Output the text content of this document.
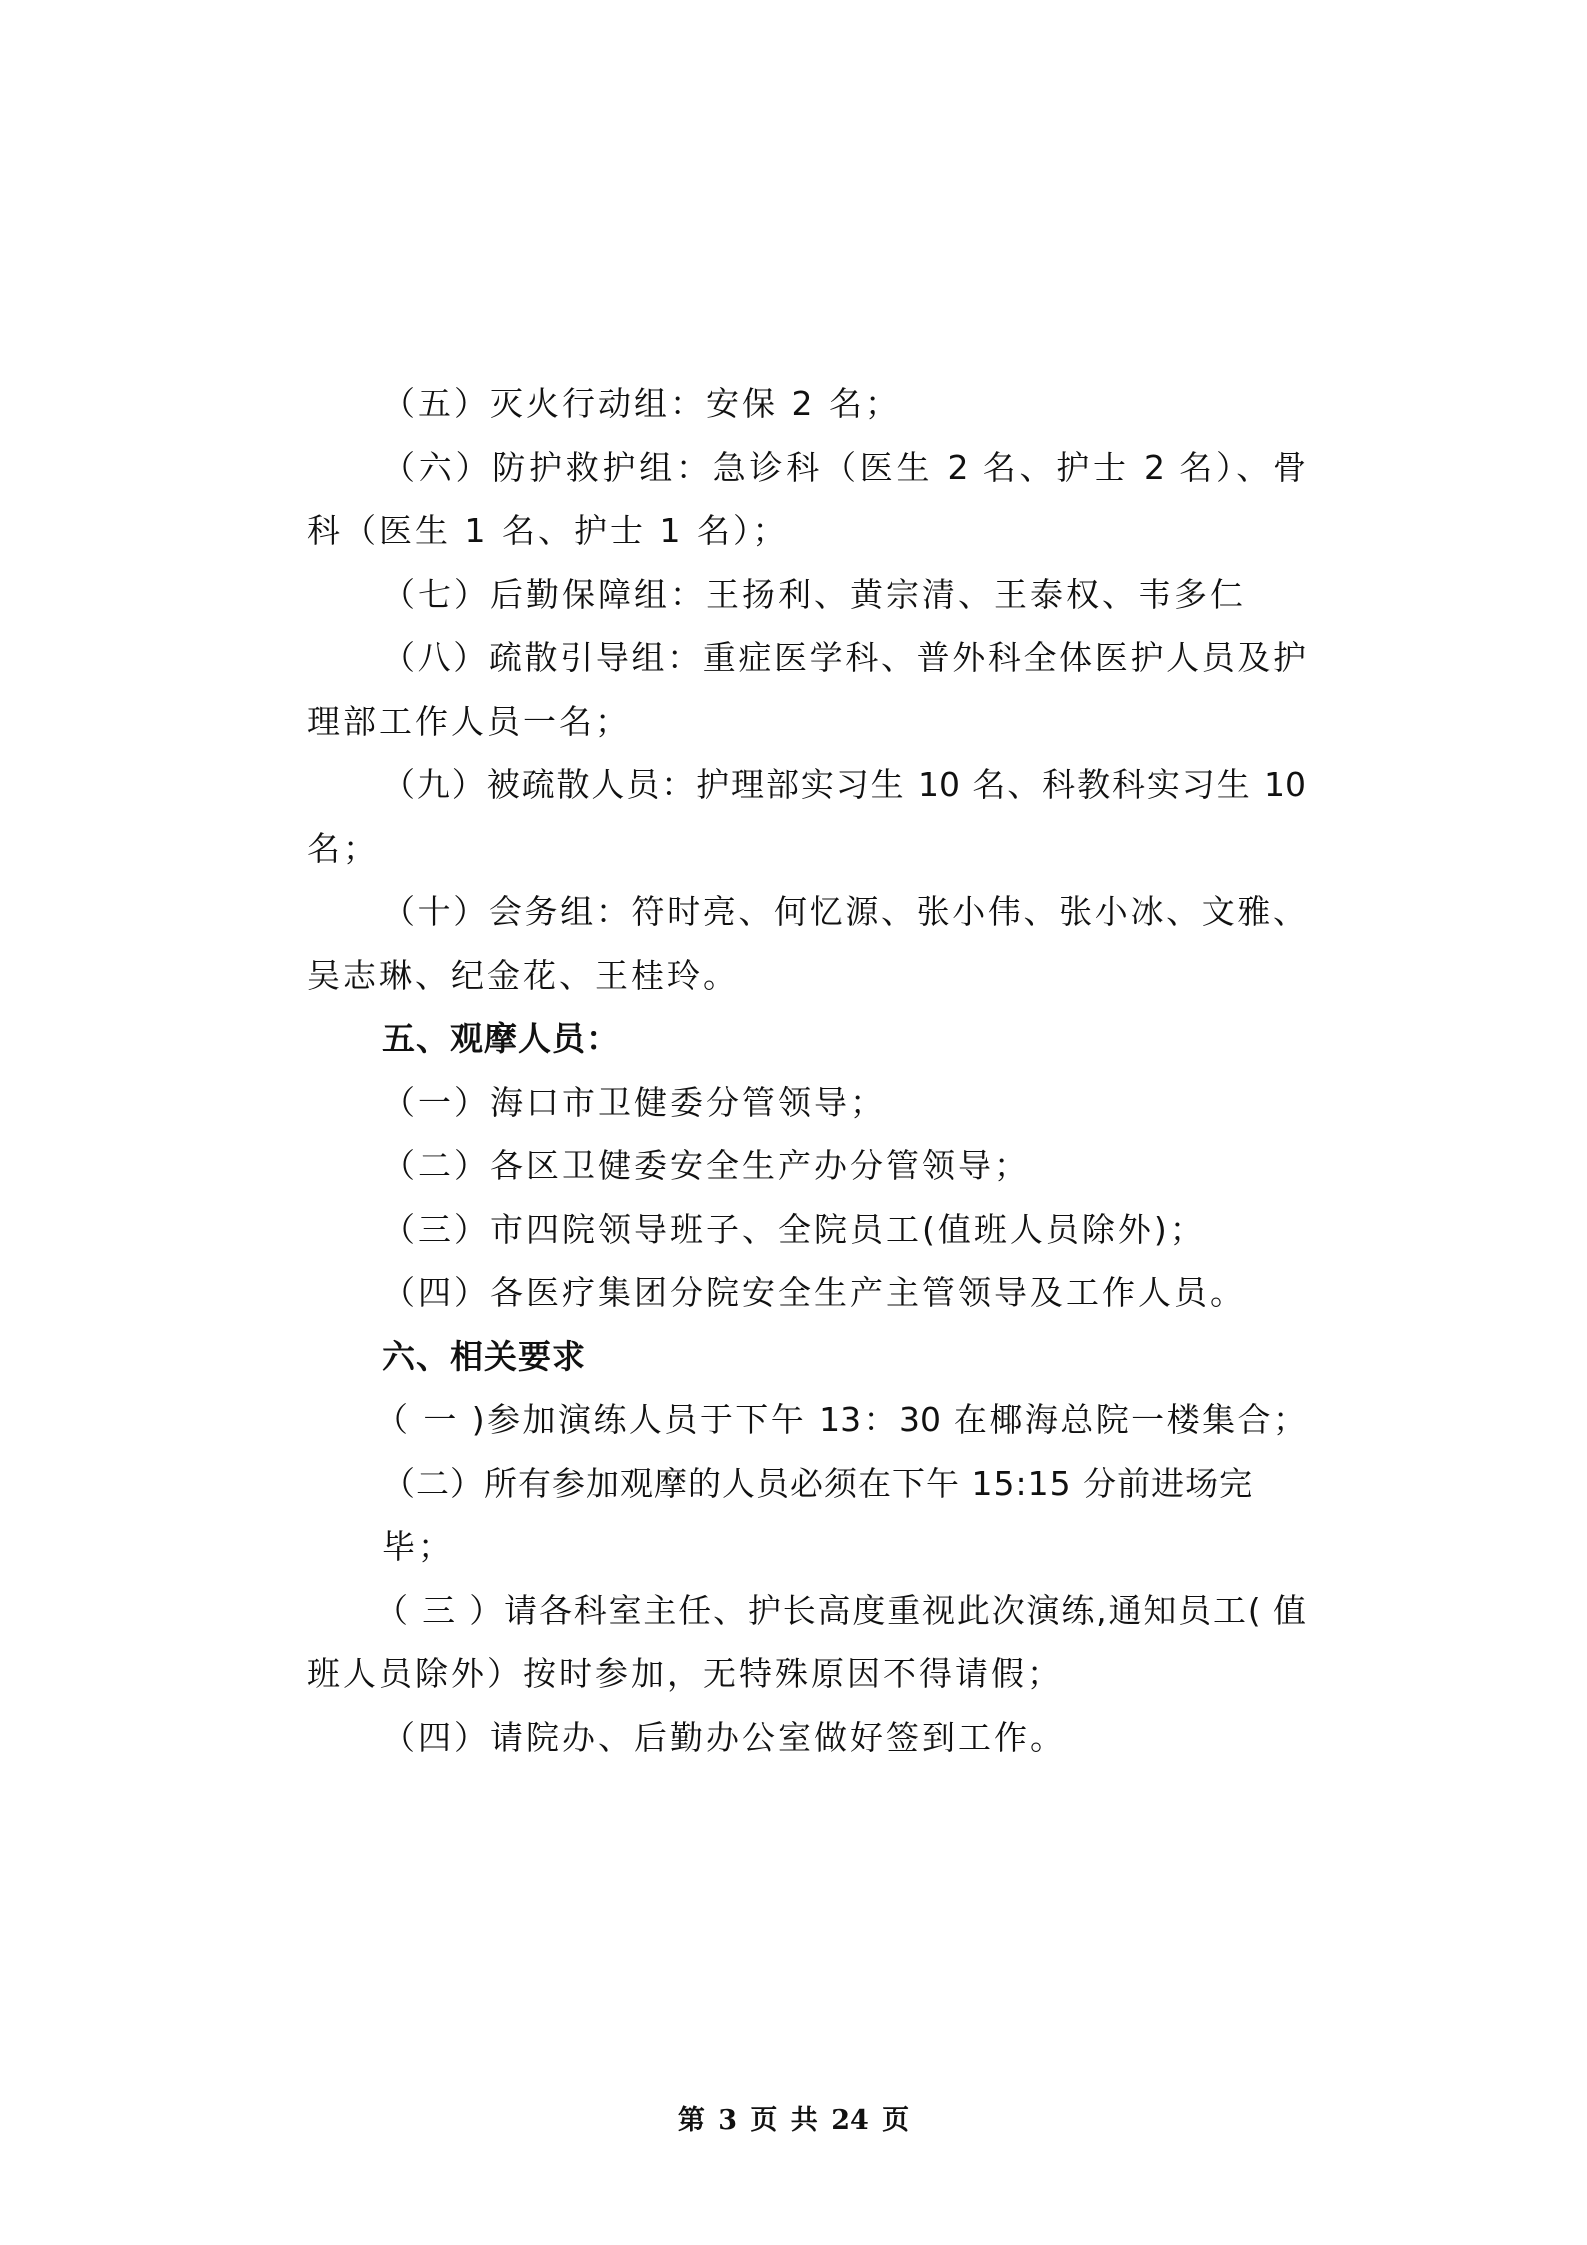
（五）灭火行动组：安保 2 名；
（六）防护救护组：急诊科（医生 2 名、护士 2 名）、骨
科（医生 1 名、护士 1 名）；
（七）后勤保障组：王扬利、黄宗清、王泰权、韦多仁
（八）疏散引导组：重症医学科、普外科全体医护人员及护
理部工作人员一名；
（九）被疏散人员：护理部实习生 10 名、科教科实习生 10
名；
（十）会务组：符时亮、何忆源、张小伟、张小冰、文雅、
吴志琳、纪金花、王桂玲。
五、观摩人员：
（一）海口市卫健委分管领导；
（二）各区卫健委安全生产办分管领导；
（三）市四院领导班子、全院员工(值班人员除外)；
（四）各医疗集团分院安全生产主管领导及工作人员。
六、相关要求
（ 一 )参加演练人员于下午 13：30 在椰海总院一楼集合；
（二）所有参加观摩的人员必须在下午 15:15 分前进场完
毕；
（ 三 ）请各科室主任、护长高度重视此次演练,通知员工( 值
班人员除外）按时参加，无特殊原因不得请假；
（四）请院办、后勤办公室做好签到工作。
第 3 页 共 24 页
